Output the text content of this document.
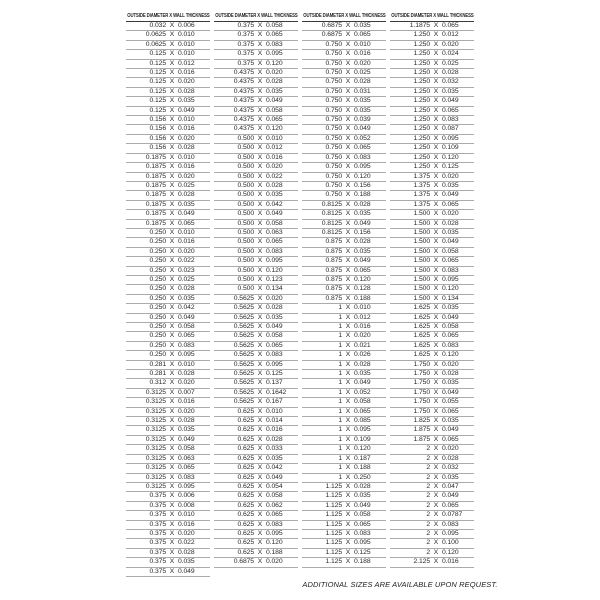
OUTSIDE DIAMETER X WALL THICKNESS
0.032 X 0.006
0.0625 X 0.010
0.0625 X 0.010
0.125 X 0.010
0.125 X 0.012
0.125 X 0.016
0.125 X 0.020
0.125 X 0.028
0.125 X 0.035
0.125 X 0.049
0.156 X 0.010
0.156 X 0.016
0.156 X 0.020
0.156 X 0.028
0.1875 X 0.010
0.1875 X 0.016
0.1875 X 0.020
0.1875 X 0.025
0.1875 X 0.028
0.1875 X 0.035
0.1875 X 0.049
0.1875 X 0.065
0.250 X 0.010
0.250 X 0.016
0.250 X 0.020
0.250 X 0.022
0.250 X 0.023
0.250 X 0.025
0.250 X 0.028
0.250 X 0.035
0.250 X 0.042
0.250 X 0.049
0.250 X 0.058
0.250 X 0.065
0.250 X 0.083
0.250 X 0.095
0.281 X 0.010
0.281 X 0.028
0.312 X 0.020
0.3125 X 0.007
0.3125 X 0.016
0.3125 X 0.020
0.3125 X 0.028
0.3125 X 0.035
0.3125 X 0.049
0.3125 X 0.058
0.3125 X 0.063
0.3125 X 0.065
0.3125 X 0.083
0.3125 X 0.095
0.375 X 0.006
0.375 X 0.008
0.375 X 0.010
0.375 X 0.016
0.375 X 0.020
0.375 X 0.022
0.375 X 0.028
0.375 X 0.035
0.375 X 0.049
OUTSIDE DIAMETER X WALL THICKNESS
0.375 X 0.058
0.375 X 0.065
0.375 X 0.083
0.375 X 0.095
0.375 X 0.120
0.4375 X 0.020
0.4375 X 0.028
0.4375 X 0.035
0.4375 X 0.049
0.4375 X 0.058
0.4375 X 0.065
0.4375 X 0.120
0.500 X 0.010
0.500 X 0.012
0.500 X 0.016
0.500 X 0.020
0.500 X 0.022
0.500 X 0.028
0.500 X 0.035
0.500 X 0.042
0.500 X 0.049
0.500 X 0.058
0.500 X 0.063
0.500 X 0.065
0.500 X 0.083
0.500 X 0.095
0.500 X 0.120
0.500 X 0.123
0.500 X 0.134
0.5625 X 0.020
0.5625 X 0.028
0.5625 X 0.035
0.5625 X 0.049
0.5625 X 0.058
0.5625 X 0.065
0.5625 X 0.083
0.5625 X 0.095
0.5625 X 0.125
0.5625 X 0.137
0.5625 X 0.1642
0.5625 X 0.167
0.625 X 0.010
0.625 X 0.014
0.625 X 0.016
0.625 X 0.028
0.625 X 0.033
0.625 X 0.035
0.625 X 0.042
0.625 X 0.049
0.625 X 0.054
0.625 X 0.058
0.625 X 0.062
0.625 X 0.065
0.625 X 0.083
0.625 X 0.095
0.625 X 0.120
0.625 X 0.188
0.6875 X 0.020
OUTSIDE DIAMETER X WALL THICKNESS
0.6875 X 0.035
0.6875 X 0.065
0.750 X 0.010
0.750 X 0.016
0.750 X 0.020
0.750 X 0.025
0.750 X 0.028
0.750 X 0.031
0.750 X 0.035
0.750 X 0.035
0.750 X 0.039
0.750 X 0.049
0.750 X 0.052
0.750 X 0.065
0.750 X 0.083
0.750 X 0.095
0.750 X 0.120
0.750 X 0.156
0.750 X 0.188
0.8125 X 0.028
0.8125 X 0.035
0.8125 X 0.049
0.8125 X 0.156
0.875 X 0.028
0.875 X 0.035
0.875 X 0.049
0.875 X 0.065
0.875 X 0.120
0.875 X 0.128
0.875 X 0.188
1 X 0.010
1 X 0.012
1 X 0.016
1 X 0.020
1 X 0.021
1 X 0.026
1 X 0.028
1 X 0.035
1 X 0.049
1 X 0.052
1 X 0.058
1 X 0.065
1 X 0.085
1 X 0.095
1 X 0.109
1 X 0.120
1 X 0.187
1 X 0.188
1 X 0.250
1.125 X 0.028
1.125 X 0.035
1.125 X 0.049
1.125 X 0.058
1.125 X 0.065
1.125 X 0.083
1.125 X 0.095
1.125 X 0.125
1.125 X 0.188
OUTSIDE DIAMETER X WALL THICKNESS
1.1875 X 0.065
1.250 X 0.012
1.250 X 0.020
1.250 X 0.024
1.250 X 0.025
1.250 X 0.028
1.250 X 0.032
1.250 X 0.035
1.250 X 0.049
1.250 X 0.065
1.250 X 0.083
1.250 X 0.087
1.250 X 0.095
1.250 X 0.109
1.250 X 0.120
1.250 X 0.125
1.375 X 0.020
1.375 X 0.035
1.375 X 0.049
1.375 X 0.065
1.500 X 0.020
1.500 X 0.028
1.500 X 0.035
1.500 X 0.049
1.500 X 0.058
1.500 X 0.065
1.500 X 0.083
1.500 X 0.095
1.500 X 0.120
1.500 X 0.134
1.625 X 0.035
1.625 X 0.049
1.625 X 0.058
1.625 X 0.065
1.625 X 0.083
1.625 X 0.120
1.750 X 0.020
1.750 X 0.028
1.750 X 0.035
1.750 X 0.049
1.750 X 0.055
1.750 X 0.065
1.825 X 0.035
1.875 X 0.049
1.875 X 0.065
2 X 0.020
2 X 0.028
2 X 0.032
2 X 0.035
2 X 0.047
2 X 0.049
2 X 0.065
2 X 0.0787
2 X 0.083
2 X 0.095
2 X 0.100
2 X 0.120
2.125 X 0.016
ADDITIONAL SIZES ARE AVAILABLE UPON REQUEST.
